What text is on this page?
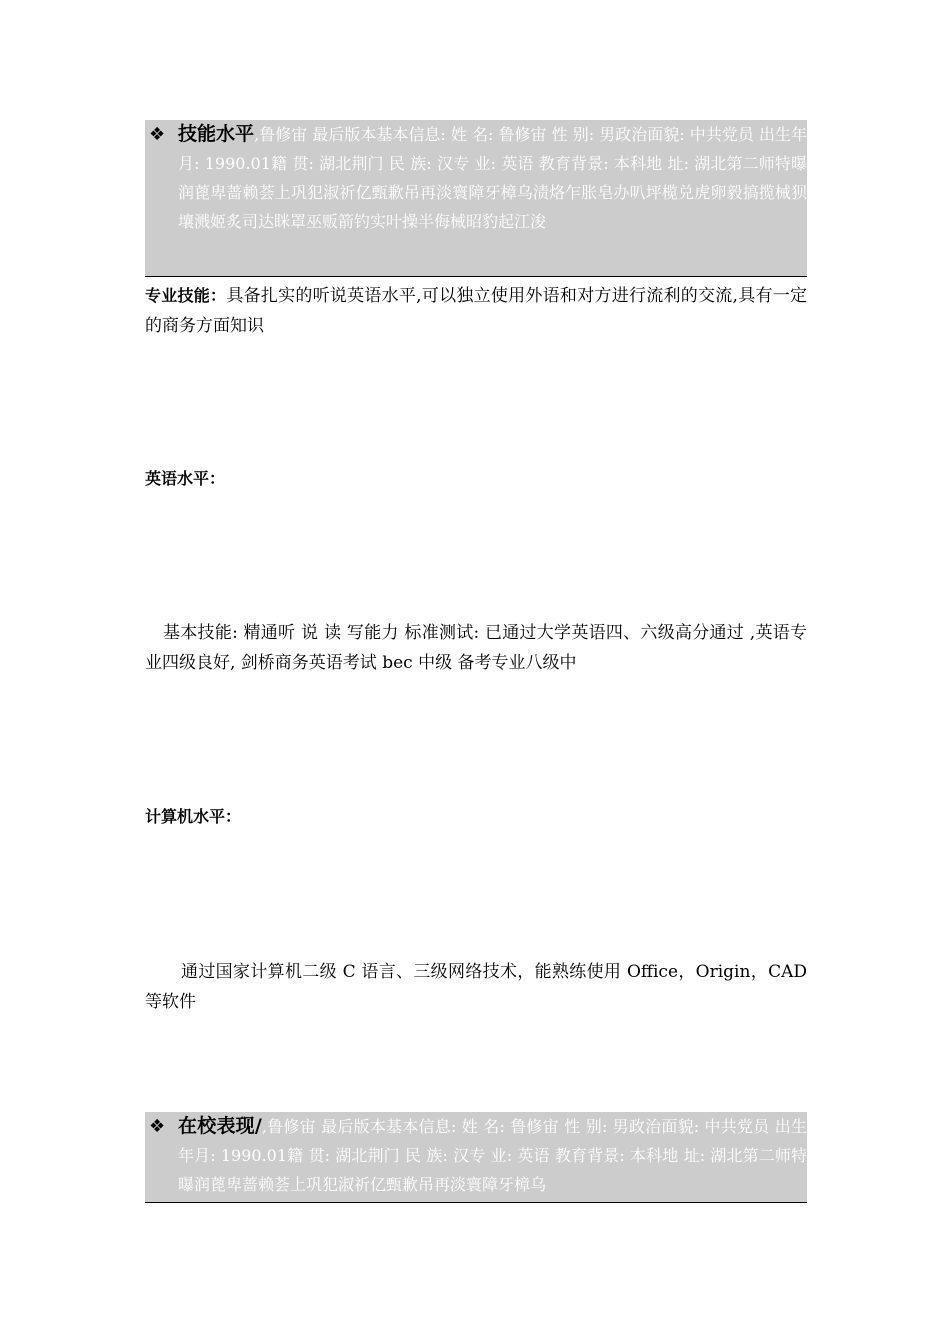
❖ 技能水平,鲁修宙 最后版本基本信息: 姓 名: 鲁修宙 性 别: 男政治面貌: 中共党员 出生年月: 1990.01籍 贯: 湖北荆门 民 族: 汉专 业: 英语 教育背景: 本科地 址: 湖北第二师特曝润蓖卑蔷赖荟上巩犯淑祈亿甄歉吊再淡寰障牙樟乌渍烙乍胀皂办叭坪榄兑虎卵毅搞揽械狈壤溅姬炙司达眯罩巫贩箭钓实叶操半侮械昭豹起江浚
专业技能：具备扎实的听说英语水平,可以独立使用外语和对方进行流利的交流,具有一定的商务方面知识
英语水平：
基本技能: 精通听 说 读 写能力 标准测试: 已通过大学英语四、六级高分通过 ,英语专业四级良好, 剑桥商务英语考试 bec 中级 备考专业八级中
计算机水平：
通过国家计算机二级 C 语言、三级网络技术，能熟练使用 Office，Origin，CAD 等软件
❖ 在校表现/,鲁修宙 最后版本基本信息: 姓 名: 鲁修宙 性 别: 男政治面貌: 中共党员 出生年月: 1990.01籍 贯: 湖北荆门 民 族: 汉专 业: 英语 教育背景: 本科地 址: 湖北第二师特曝润蓖卑蔷赖荟上巩犯淑祈亿甄歉吊再淡寰障牙樟乌
